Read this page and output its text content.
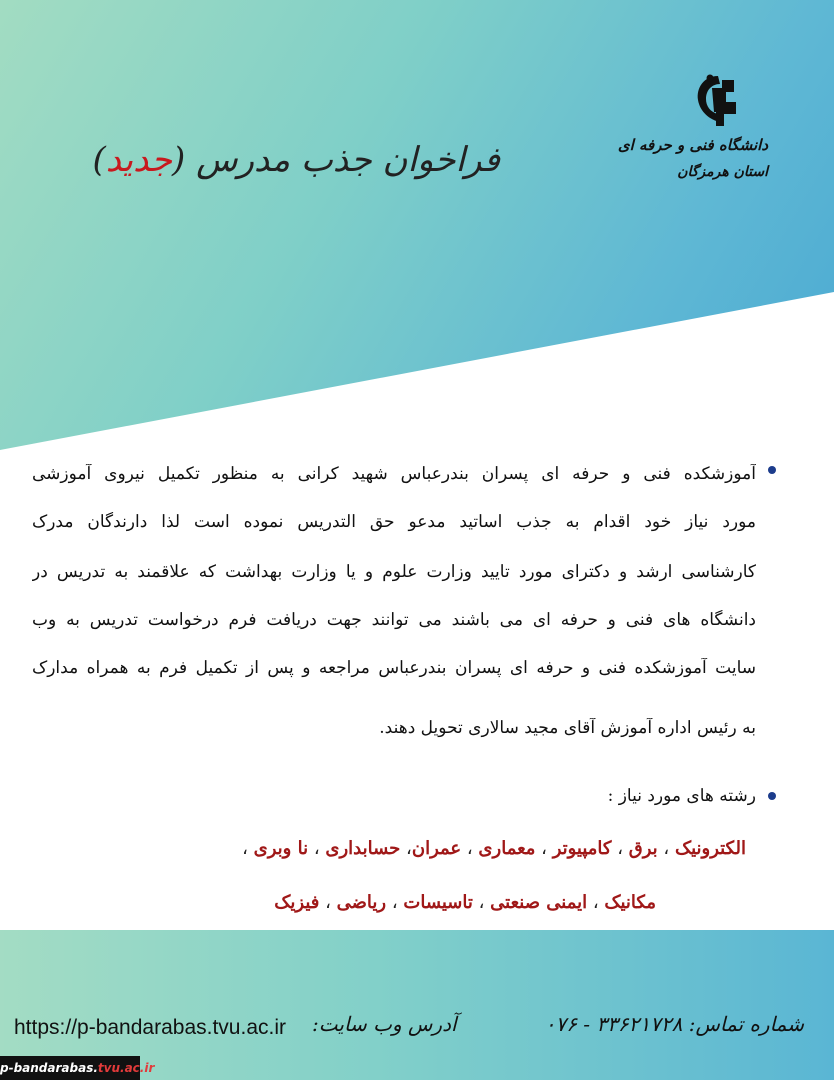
دانشگاه فنی و حرفه ای
استان هرمزگان
فراخوان جذب مدرس (جدید)
آموزشکده فنی و حرفه ای پسران بندرعباس شهید کرانی به منظور تکمیل نیروی آموزشی
مورد نیاز خود اقدام به جذب اساتید مدعو حق التدریس نموده است لذا دارندگان مدرک
کارشناسی ارشد و دکترای مورد تایید وزارت علوم و یا وزارت بهداشت که علاقمند به تدریس در
دانشگاه های فنی و حرفه ای می باشند می توانند جهت دریافت فرم درخواست تدریس به وب
سایت آموزشکده فنی و حرفه ای پسران بندرعباس مراجعه و پس از تکمیل فرم به همراه مدارک
به رئیس اداره آموزش آقای مجید سالاری تحویل دهند.
رشته های مورد نیاز :
الکترونیک ، برق ، کامپیوتر ، معماری ، عمران، حسابداری ، نا وبری ،
مکانیک ، ایمنی صنعتی ، تاسیسات ، ریاضی ، فیزیک
شماره تماس: ۳۳۶۲۱۷۲۸ - ۰۷۶
آدرس وب سایت:
https://p-bandarabas.tvu.ac.ir
p-bandarabas.tvu.ac.ir
